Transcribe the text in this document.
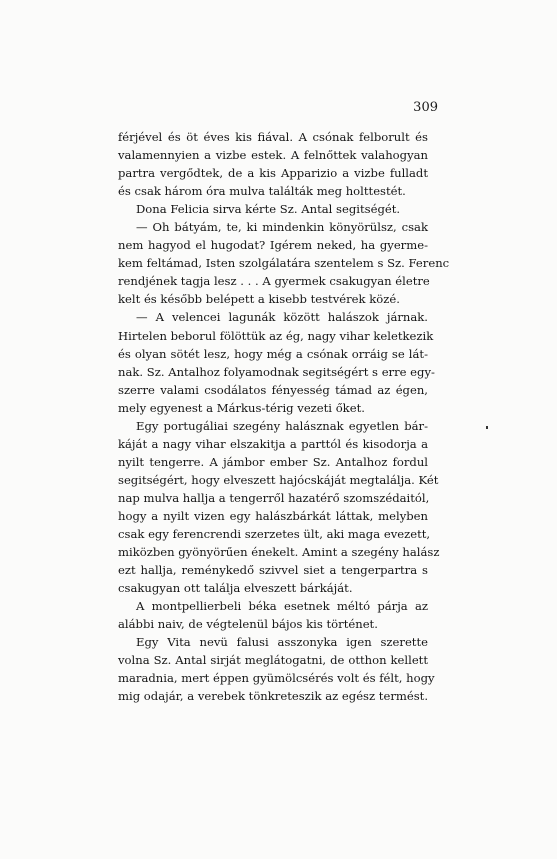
309
férjével és öt éves kis fiával. A csónak felborult és
valamennyien a vizbe estek. A felnőttek valahogyan
partra vergődtek, de a kis Apparizio a vizbe fulladt
és csak három óra mulva találták meg holttestét.
Dona Felicia sirva kérte Sz. Antal segitségét.
— Oh bátyám, te, ki mindenkin könyörülsz, csak
nem hagyod el hugodat? Igérem neked, ha gyerme-
kem feltámad, Isten szolgálatára szentelem s Sz. Ferenc
rendjének tagja lesz . . . A gyermek csakugyan életre
kelt és később belépett a kisebb testvérek közé.
— A velencei lagunák között halászok járnak.
Hirtelen beborul fölöttük az ég, nagy vihar keletkezik
és olyan sötét lesz, hogy még a csónak orráig se lát-
nak. Sz. Antalhoz folyamodnak segitségért s erre egy-
szerre valami csodálatos fényesség támad az égen,
mely egyenest a Márkus-térig vezeti őket.
Egy portugáliai szegény halásznak egyetlen bár-
káját a nagy vihar elszakitja a parttól és kisodorja a
nyilt tengerre. A jámbor ember Sz. Antalhoz fordul
segitségért, hogy elveszett hajócskáját megtalálja. Két
nap mulva hallja a tengerről hazatérő szomszédaitól,
hogy a nyilt vizen egy halászbárkát láttak, melyben
csak egy ferencrendi szerzetes ült, aki maga evezett,
miközben gyönyörűen énekelt. Amint a szegény halász
ezt hallja, reménykedő szivvel siet a tengerpartra s
csakugyan ott találja elveszett bárkáját.
A montpellierbeli béka esetnek méltó párja az
alábbi naiv, de végtelenül bájos kis történet.
Egy Vita nevü falusi asszonyka igen szerette
volna Sz. Antal sirját meglátogatni, de otthon kellett
maradnia, mert éppen gyümölcsérés volt és félt, hogy
mig odajár, a verebek tönkreteszik az egész termést.
